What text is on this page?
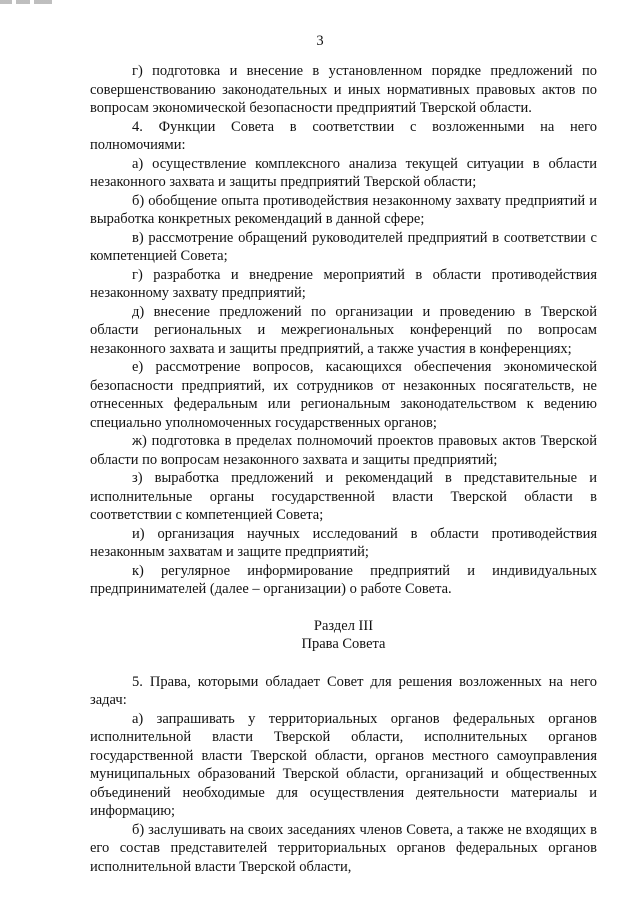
3

г) подготовка и внесение в установленном порядке предложений по совершенствованию законодательных и иных нормативных правовых актов по вопросам экономической безопасности предприятий Тверской области.

4. Функции Совета в соответствии с возложенными на него полномочиями:

а) осуществление комплексного анализа текущей ситуации в области незаконного захвата и защиты предприятий Тверской области;

б) обобщение опыта противодействия незаконному захвату предприятий и выработка конкретных рекомендаций в данной сфере;

в) рассмотрение обращений руководителей предприятий в соответствии с компетенцией Совета;

г) разработка и внедрение мероприятий в области противодействия незаконному захвату предприятий;

д) внесение предложений по организации и проведению в Тверской области региональных и межрегиональных конференций по вопросам незаконного захвата и защиты предприятий, а также участия в конференциях;

е) рассмотрение вопросов, касающихся обеспечения экономической безопасности предприятий, их сотрудников от незаконных посягательств, не отнесенных федеральным или региональным законодательством к ведению специально уполномоченных государственных органов;

ж) подготовка в пределах полномочий проектов правовых актов Тверской области по вопросам незаконного захвата и защиты предприятий;

з) выработка предложений и рекомендаций в представительные и исполнительные органы государственной власти Тверской области в соответствии с компетенцией Совета;

и) организация научных исследований в области противодействия незаконным захватам и защите предприятий;

к) регулярное информирование предприятий и индивидуальных предпринимателей (далее – организации) о работе Совета.

Раздел III

Права Совета

5. Права, которыми обладает Совет для решения возложенных на него задач:

а) запрашивать у территориальных органов федеральных органов исполнительной власти Тверской области, исполнительных органов государственной власти Тверской области, органов местного самоуправления муниципальных образований Тверской области, организаций и общественных объединений необходимые для осуществления деятельности материалы и информацию;

б) заслушивать на своих заседаниях членов Совета, а также не входящих в его состав представителей территориальных органов федеральных органов исполнительной власти Тверской области,
